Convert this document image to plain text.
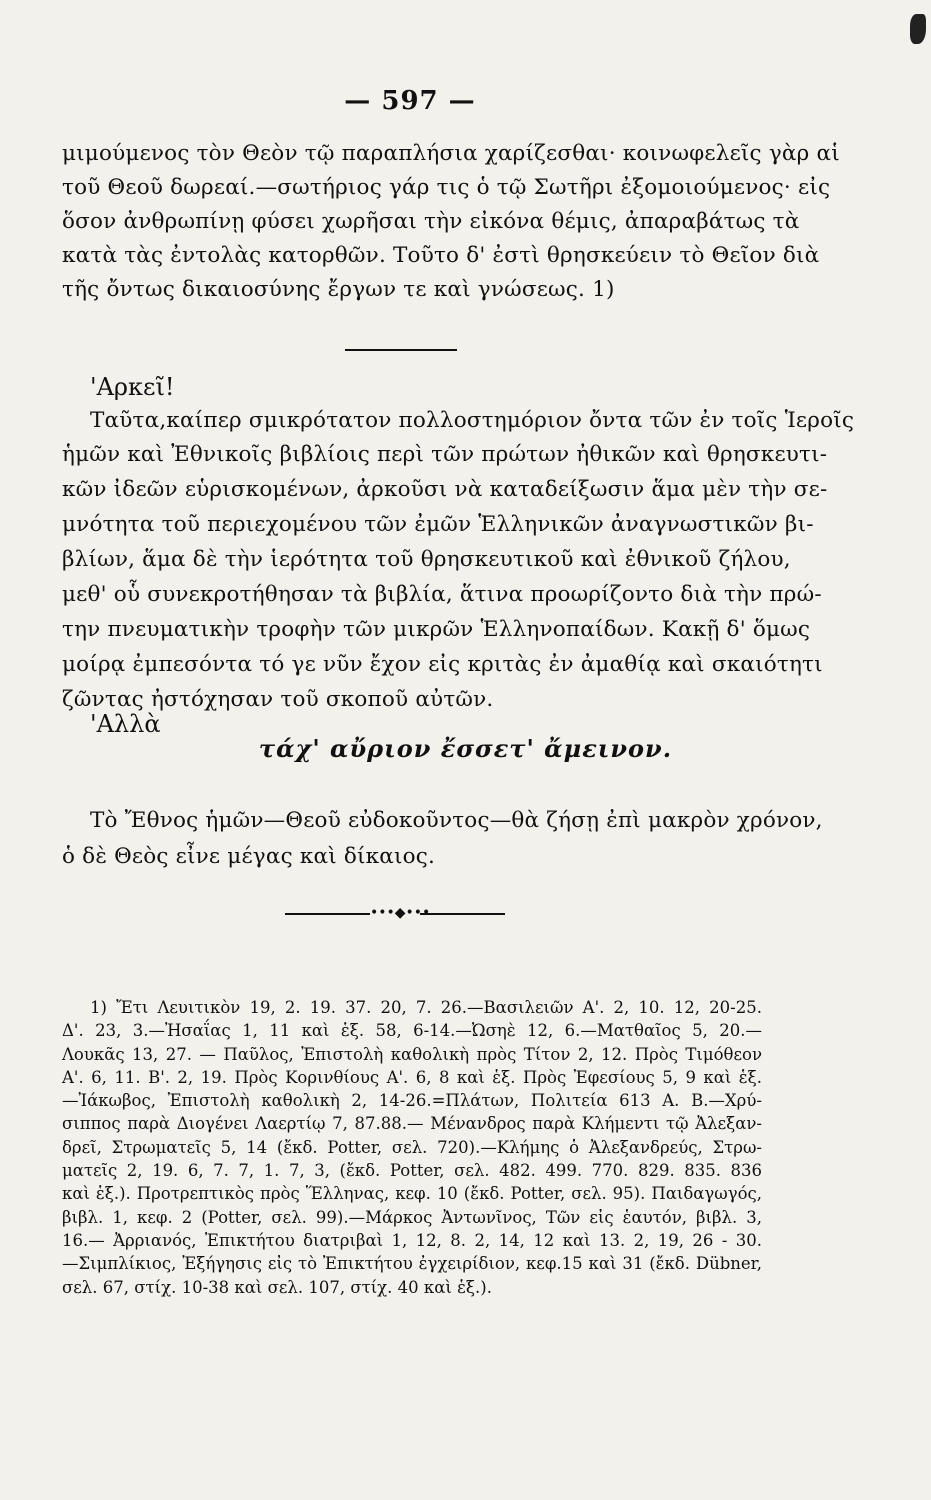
— 597 —
μιμούμενος τὸν Θεὸν τῷ παραπλήσια χαρίζεσθαι· κοινωφελεῖς γὰρ αἱ
τοῦ Θεοῦ δωρεαί.—σωτήριος γάρ τις ὁ τῷ Σωτῆρι ἐξομοιούμενος· εἰς
ὅσον ἀνθρωπίνῃ φύσει χωρῆσαι τὴν εἰκόνα θέμις, ἀπαραβάτως τὰ
κατὰ τὰς ἐντολὰς κατορθῶν. Τοῦτο δ' ἐστὶ θρησκεύειν τὸ Θεῖον διὰ
τῆς ὄντως δικαιοσύνης ἔργων τε καὶ γνώσεως. 1)
'Αρκεῖ!
Ταῦτα,καίπερ σμικρότατον πολλοστημόριον ὄντα τῶν ἐν τοῖς Ἱεροῖς
ἡμῶν καὶ Ἐθνικοῖς βιβλίοις περὶ τῶν πρώτων ἠθικῶν καὶ θρησκευτι-
κῶν ἰδεῶν εὑρισκομένων, ἀρκοῦσι νὰ καταδείξωσιν ἅμα μὲν τὴν σε-
μνότητα τοῦ περιεχομένου τῶν ἐμῶν Ἑλληνικῶν ἀναγνωστικῶν βι-
βλίων, ἅμα δὲ τὴν ἱερότητα τοῦ θρησκευτικοῦ καὶ ἐθνικοῦ ζήλου,
μεθ' οὗ συνεκροτήθησαν τὰ βιβλία, ἅτινα προωρίζοντο διὰ τὴν πρώ-
την πνευματικὴν τροφὴν τῶν μικρῶν Ἑλληνοπαίδων. Κακῇ δ' ὅμως
μοίρᾳ ἐμπεσόντα τό γε νῦν ἔχον εἰς κριτὰς ἐν ἀμαθίᾳ καὶ σκαιότητι
ζῶντας ἠστόχησαν τοῦ σκοποῦ αὐτῶν.
'Αλλὰ
τάχ' αὔριον ἔσσετ' ἄμεινον.
Τὸ Ἔθνος ἡμῶν—Θεοῦ εὐδοκοῦντος—θὰ ζήσῃ ἐπὶ μακρὸν χρόνον,
ὁ δὲ Θεὸς εἶνε μέγας καὶ δίκαιος.
•••◆•••
1) Ἔτι Λευιτικὸν 19, 2. 19. 37. 20, 7. 26.—Βασιλειῶν Α'. 2, 10. 12, 20-25.
Δ'. 23, 3.—Ἠσαΐας 1, 11 καὶ ἑξ. 58, 6-14.—Ὠσηὲ 12, 6.—Ματθαῖος 5, 20.—
Λουκᾶς 13, 27. — Παῦλος, Ἐπιστολὴ καθολικὴ πρὸς Τίτον 2, 12. Πρὸς Τιμόθεον
Α'. 6, 11. Β'. 2, 19. Πρὸς Κορινθίους Α'. 6, 8 καὶ ἑξ. Πρὸς Ἐφεσίους 5, 9 καὶ ἑξ.
—Ἰάκωβος, Ἐπιστολὴ καθολικὴ 2, 14-26.=Πλάτων, Πολιτεία 613 Α. Β.—Χρύ-
σιππος παρὰ Διογένει Λαερτίῳ 7, 87.88.— Μένανδρος παρὰ Κλήμεντι τῷ Ἀλεξαν-
δρεῖ, Στρωματεῖς 5, 14 (ἔκδ. Potter, σελ. 720).—Κλήμης ὁ Ἀλεξανδρεύς, Στρω-
ματεῖς 2, 19. 6, 7. 7, 1. 7, 3, (ἔκδ. Potter, σελ. 482. 499. 770. 829. 835. 836
καὶ ἑξ.). Προτρεπτικὸς πρὸς Ἕλληνας, κεφ. 10 (ἔκδ. Potter, σελ. 95). Παιδαγωγός,
βιβλ. 1, κεφ. 2 (Potter, σελ. 99).—Μάρκος Ἀντωνῖνος, Τῶν εἰς ἑαυτόν, βιβλ. 3,
16.— Ἀρριανός, Ἐπικτήτου διατριβαὶ 1, 12, 8. 2, 14, 12 καὶ 13. 2, 19, 26 - 30.
—Σιμπλίκιος, Ἐξήγησις εἰς τὸ Ἐπικτήτου ἐγχειρίδιον, κεφ.15 καὶ 31 (ἔκδ. Dübner,
σελ. 67, στίχ. 10-38 καὶ σελ. 107, στίχ. 40 καὶ ἑξ.).
